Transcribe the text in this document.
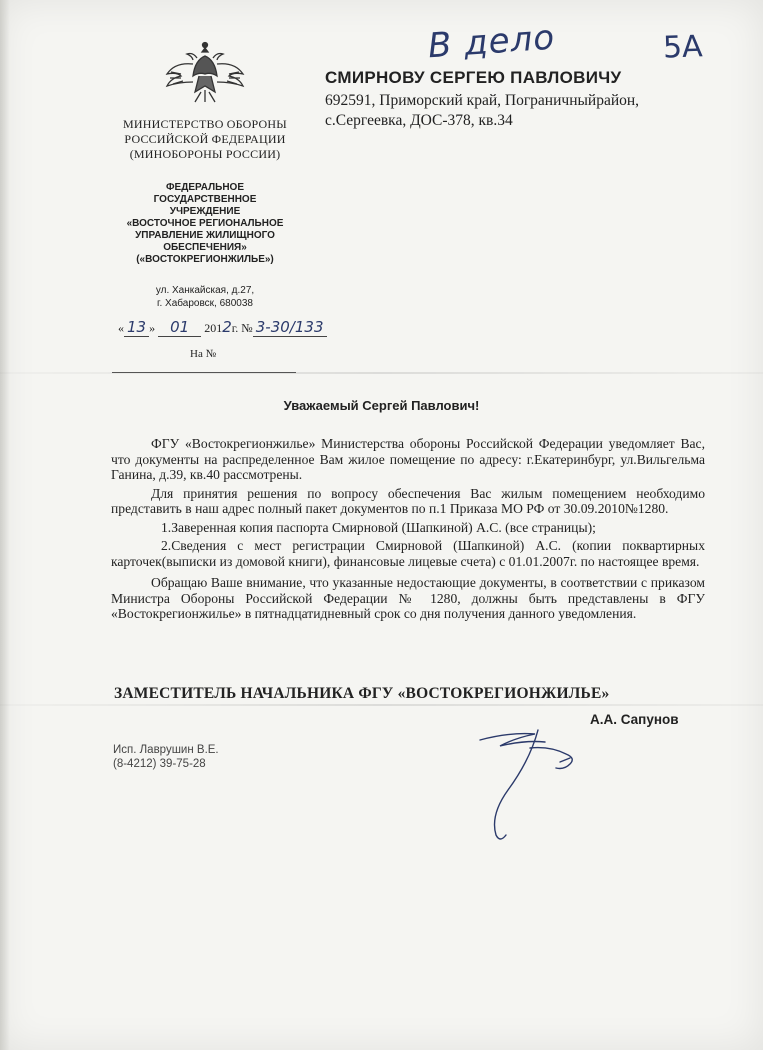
В дело	5А
МИНИСТЕРСТВО ОБОРОНЫ
РОССИЙСКОЙ ФЕДЕРАЦИИ
(МИНОБОРОНЫ РОССИИ)
ФЕДЕРАЛЬНОЕ
ГОСУДАРСТВЕННОЕ
УЧРЕЖДЕНИЕ
«ВОСТОЧНОЕ РЕГИОНАЛЬНОЕ
УПРАВЛЕНИЕ ЖИЛИЩНОГО
ОБЕСПЕЧЕНИЯ»
(«ВОСТОКРЕГИОНЖИЛЬЕ»)
ул. Ханкайская, д.27,
г. Хабаровск, 680038
« 13 » 01 2012г. № 3-30/133
На №
СМИРНОВУ СЕРГЕЮ ПАВЛОВИЧУ
692591, Приморский край, Пограничныйрайон,
с.Сергеевка, ДОС-378, кв.34
Уважаемый Сергей Павлович!

ФГУ «Востокрегионжилье» Министерства обороны Российской Федерации уведомляет Вас, что документы на распределенное Вам жилое помещение по адресу: г.Екатеринбург, ул.Вильгельма Ганина, д.39, кв.40 рассмотрены.

Для принятия решения по вопросу обеспечения Вас жилым помещением необходимо представить в наш адрес полный пакет документов по п.1 Приказа МО РФ от 30.09.2010№1280.

1.Заверенная копия паспорта Смирновой (Шапкиной) А.С. (все страницы);

2.Сведения с мест регистрации Смирновой (Шапкиной) А.С. (копии поквартирных карточек(выписки из домовой книги), финансовые лицевые счета) с 01.01.2007г. по настоящее время.

Обращаю Ваше внимание, что указанные недостающие документы, в соответствии с приказом Министра Обороны Российской Федерации № 1280, должны быть представлены в ФГУ «Востокрегионжилье» в пятнадцатидневный срок со дня получения данного уведомления.

ЗАМЕСТИТЕЛЬ НАЧАЛЬНИКА ФГУ «ВОСТОКРЕГИОНЖИЛЬЕ»
А.А. Сапунов
Исп. Лаврушин В.Е.
(8-4212) 39-75-28
